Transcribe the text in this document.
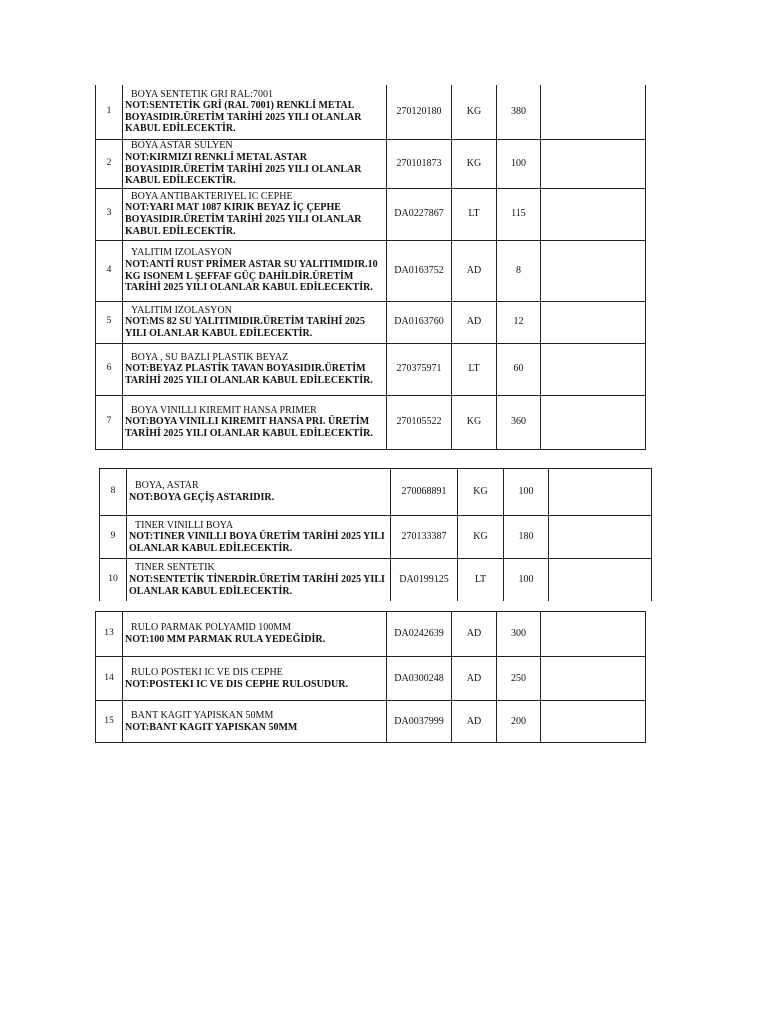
1	BOYA SENTETIK GRI RAL:7001
NOT:SENTETİK GRİ (RAL 7001) RENKLİ METAL BOYASIDIR.ÜRETİM TARİHİ 2025 YILI OLANLAR KABUL EDİLECEKTİR.	270120180	KG	380	
2	BOYA ASTAR SULYEN
NOT:KIRMIZI RENKLİ METAL ASTAR BOYASIDIR.ÜRETİM TARİHİ 2025 YILI OLANLAR KABUL EDİLECEKTİR.	270101873	KG	100	
3	BOYA ANTIBAKTERIYEL IC CEPHE
NOT:YARI MAT 1087 KIRIK BEYAZ İÇ ÇEPHE BOYASIDIR.ÜRETİM TARİHİ 2025 YILI OLANLAR KABUL EDİLECEKTİR.	DA0227867	LT	115	
4	YALITIM IZOLASYON
NOT:ANTİ RUST PRİMER ASTAR SU YALITIMIDIR.10 KG ISONEM L ŞEFFAF GÜÇ DAHİLDİR.ÜRETİM TARİHİ 2025 YILI OLANLAR KABUL EDİLECEKTİR.	DA0163752	AD	8	
5	YALITIM IZOLASYON
NOT:MS 82 SU YALITIMIDIR.ÜRETİM TARİHİ 2025 YILI OLANLAR KABUL EDİLECEKTİR.	DA0163760	AD	12	
6	BOYA , SU BAZLI PLASTIK BEYAZ
NOT:BEYAZ PLASTİK TAVAN BOYASIDIR.ÜRETİM TARİHİ 2025 YILI OLANLAR KABUL EDİLECEKTİR.	270375971	LT	60	
7	BOYA VINILLI KIREMIT HANSA PRIMER
NOT:BOYA VINILLI KIREMIT HANSA PRI. ÜRETİM TARİHİ 2025 YILI OLANLAR KABUL EDİLECEKTİR.	270105522	KG	360	
8	BOYA, ASTAR
NOT:BOYA GEÇİŞ ASTARIDIR.	270068891	KG	100	
9	TINER VINILLI BOYA
NOT:TINER VINILLI BOYA ÜRETİM TARİHİ 2025 YILI OLANLAR KABUL EDİLECEKTİR.	270133387	KG	180	
10	TINER SENTETIK
NOT:SENTETİK TİNERDİR.ÜRETİM TARİHİ 2025 YILI OLANLAR KABUL EDİLECEKTİR.	DA0199125	LT	100	
13	RULO PARMAK POLYAMID 100MM
NOT:100 MM PARMAK RULA YEDEĞİDİR.	DA0242639	AD	300	
14	RULO POSTEKI IC VE DIS CEPHE
NOT:POSTEKI IC VE DIS CEPHE RULOSUDUR.	DA0300248	AD	250	
15	BANT KAGIT YAPISKAN 50MM
NOT:BANT KAGIT YAPISKAN 50MM	DA0037999	AD	200	
